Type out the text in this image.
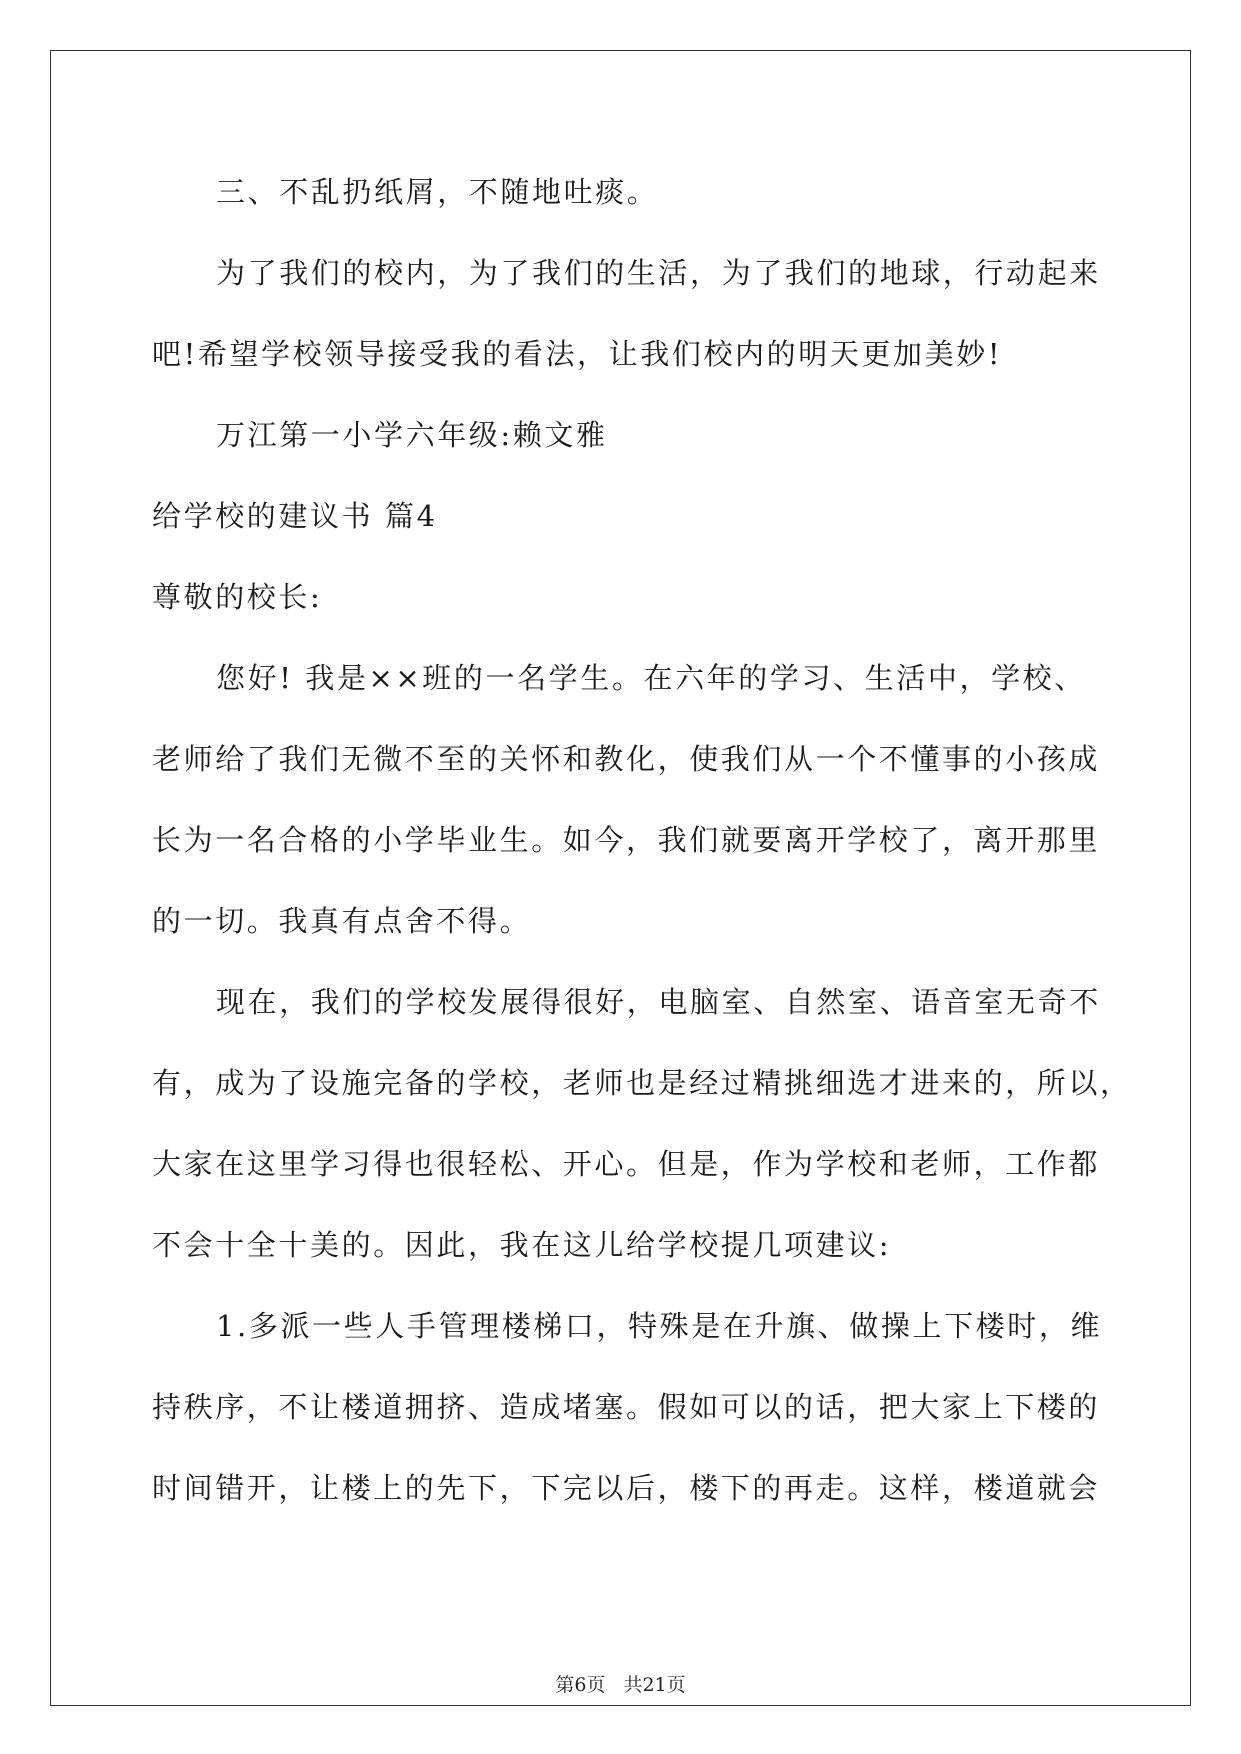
三、不乱扔纸屑，不随地吐痰。
为了我们的校内，为了我们的生活，为了我们的地球，行动起来
吧!希望学校领导接受我的看法，让我们校内的明天更加美妙!
万江第一小学六年级:赖文雅
给学校的建议书 篇4
尊敬的校长:
您好! 我是××班的一名学生。在六年的学习、生活中，学校、
老师给了我们无微不至的关怀和教化，使我们从一个不懂事的小孩成
长为一名合格的小学毕业生。如今，我们就要离开学校了，离开那里
的一切。我真有点舍不得。
现在，我们的学校发展得很好，电脑室、自然室、语音室无奇不
有，成为了设施完备的学校，老师也是经过精挑细选才进来的，所以，
大家在这里学习得也很轻松、开心。但是，作为学校和老师，工作都
不会十全十美的。因此，我在这儿给学校提几项建议:
1.多派一些人手管理楼梯口，特殊是在升旗、做操上下楼时，维
持秩序，不让楼道拥挤、造成堵塞。假如可以的话，把大家上下楼的
时间错开，让楼上的先下，下完以后，楼下的再走。这样，楼道就会
第6页 共21页
